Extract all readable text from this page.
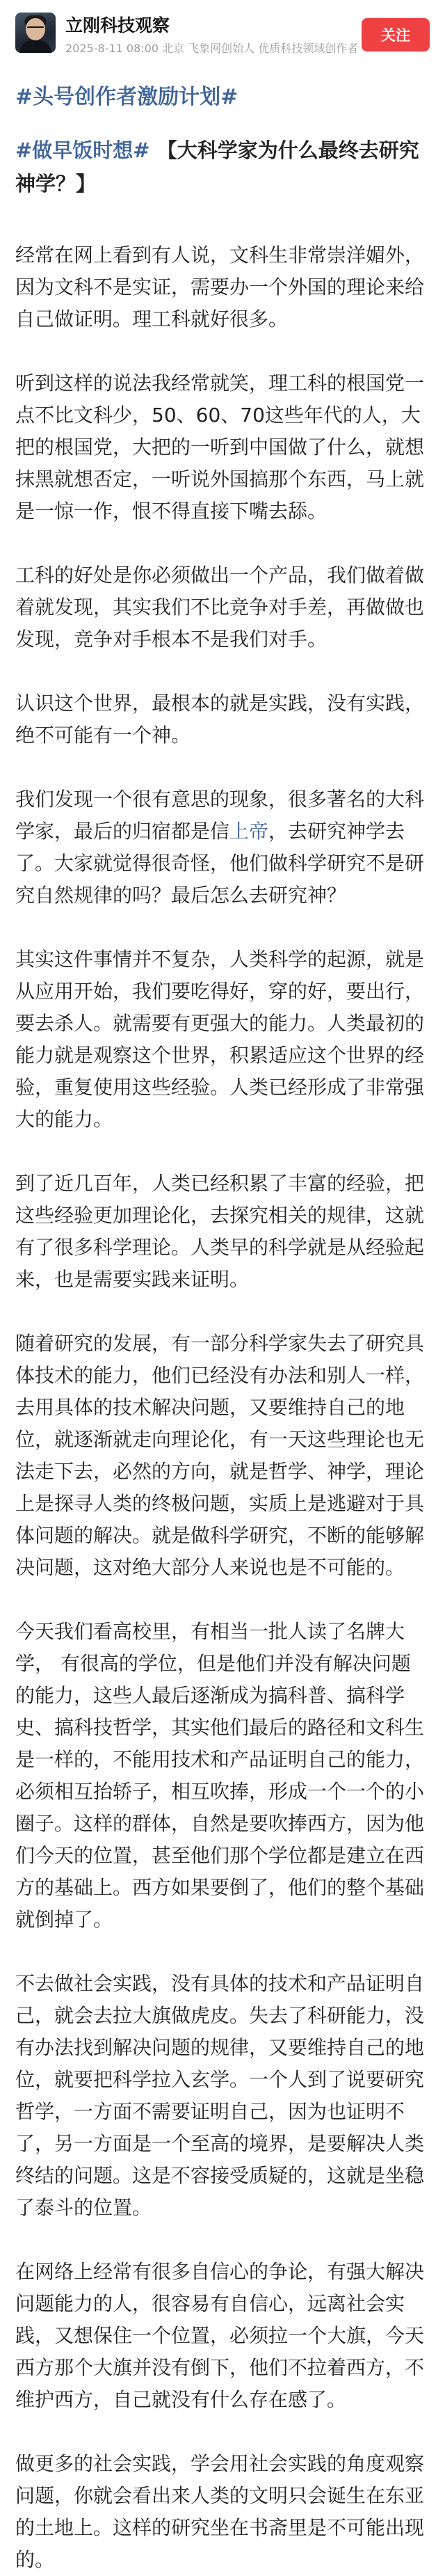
立刚科技观察
2025-8-11 08:00 北京 飞象网创始人 优质科技领域创作者
关注
#头号创作者激励计划#
#做早饭时想# 【大科学家为什么最终去研究神学？】

经常在网上看到有人说，文科生非常崇洋媚外，因为文科不是实证，需要办一个外国的理论来给自己做证明。理工科就好很多。

听到这样的说法我经常就笑，理工科的根国党一点不比文科少，50、60、70这些年代的人，大把的根国党，大把的一听到中国做了什么，就想抹黑就想否定，一听说外国搞那个东西，马上就是一惊一作，恨不得直接下嘴去舔。

工科的好处是你必须做出一个产品，我们做着做着就发现，其实我们不比竞争对手差，再做做也发现，竞争对手根本不是我们对手。

认识这个世界，最根本的就是实践，没有实践，绝不可能有一个神。

我们发现一个很有意思的现象，很多著名的大科学家，最后的归宿都是信上帝，去研究神学去了。大家就觉得很奇怪，他们做科学研究不是研究自然规律的吗？最后怎么去研究神？

其实这件事情并不复杂，人类科学的起源，就是从应用开始，我们要吃得好，穿的好，要出行，要去杀人。就需要有更强大的能力。人类最初的能力就是观察这个世界，积累适应这个世界的经验，重复使用这些经验。人类已经形成了非常强大的能力。

到了近几百年，人类已经积累了丰富的经验，把这些经验更加理论化，去探究相关的规律，这就有了很多科学理论。人类早的科学就是从经验起来，也是需要实践来证明。

随着研究的发展，有一部分科学家失去了研究具体技术的能力，他们已经没有办法和别人一样，去用具体的技术解决问题，又要维持自己的地位，就逐渐就走向理论化，有一天这些理论也无法走下去，必然的方向，就是哲学、神学，理论上是探寻人类的终极问题，实质上是逃避对于具体问题的解决。就是做科学研究，不断的能够解决问题，这对绝大部分人来说也是不可能的。

今天我们看高校里，有相当一批人读了名牌大学， 有很高的学位，但是他们并没有解决问题的能力，这些人最后逐渐成为搞科普、搞科学史、搞科技哲学，其实他们最后的路径和文科生是一样的，不能用技术和产品证明自己的能力，必须相互抬轿子，相互吹捧，形成一个一个的小圈子。这样的群体，自然是要吹捧西方，因为他们今天的位置，甚至他们那个学位都是建立在西方的基础上。西方如果要倒了，他们的整个基础就倒掉了。

不去做社会实践，没有具体的技术和产品证明自己，就会去拉大旗做虎皮。失去了科研能力，没有办法找到解决问题的规律，又要维持自己的地位，就要把科学拉入玄学。一个人到了说要研究哲学，一方面不需要证明自己，因为也证明不了，另一方面是一个至高的境界，是要解决人类终结的问题。这是不容接受质疑的，这就是坐稳了泰斗的位置。

在网络上经常有很多自信心的争论，有强大解决问题能力的人，很容易有自信心，远离社会实践，又想保住一个位置，必须拉一个大旗，今天西方那个大旗并没有倒下，他们不拉着西方，不维护西方，自己就没有什么存在感了。

做更多的社会实践，学会用社会实践的角度观察问题，你就会看出来人类的文明只会诞生在东亚的土地上。这样的研究坐在书斋里是不可能出现的。
